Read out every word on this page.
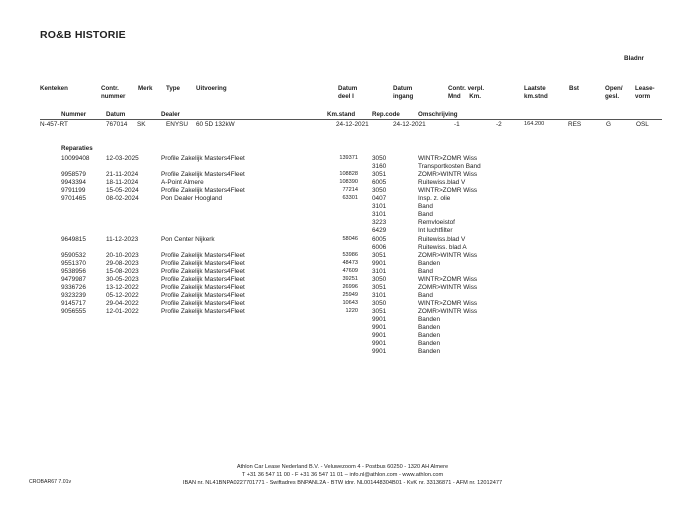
RO&B HISTORIE
Bladnr
Kenteken	Contr.
nummer
Merk Type	Uitvoering	Datum
deel I
Datum
ingang
Contr. verpl.
Mnd     Km.
Laatste
km.stnd
Bst	Open/
gesl.
Lease-
vorm
Nummer	Datum	Dealer	Km.stand	Rep.code	Omschrijving
N-457-RT	767014 SK	ENYSU 60 5D 132kW	24-12-2021	24-12-2021	-1	-2	164.200	RES	G	OSL
Reparaties
10099408	12-03-2025	Profile Zakelijk Masters4Fleet	139371 3050	WINTR>ZOMR Wiss
3160	Transportkosten Band
9958579	21-11-2024	Profile Zakelijk Masters4Fleet	108828 3051	ZOMR>WINTR Wiss
9943394	18-11-2024	A-Point Almere	108390 6005	Ruitewiss.blad V
9791199	15-05-2024	Profile Zakelijk Masters4Fleet	77214 3050	WINTR>ZOMR Wiss
9701465	08-02-2024	Pon Dealer Hoogland	63301 0407	Insp. z. olie
3101	Band
3101	Band
3223	Remvloeistof
6429	Int luchtfilter
9649815	11-12-2023	Pon Center Nijkerk	58046 6005	Ruitewiss.blad V
6006	Ruitewiss. blad A
9590532	20-10-2023	Profile Zakelijk Masters4Fleet	53986 3051	ZOMR>WINTR Wiss
9551370	29-08-2023	Profile Zakelijk Masters4Fleet	48473 9901	Banden
9538956	15-08-2023	Profile Zakelijk Masters4Fleet	47609 3101	Band
9479987	30-05-2023	Profile Zakelijk Masters4Fleet	39251 3050	WINTR>ZOMR Wiss
9336726	13-12-2022	Profile Zakelijk Masters4Fleet	26996 3051	ZOMR>WINTR Wiss
9323239	05-12-2022	Profile Zakelijk Masters4Fleet	25949 3101	Band
9145717	29-04-2022	Profile Zakelijk Masters4Fleet	10643 3050	WINTR>ZOMR Wiss
9056555	12-01-2022	Profile Zakelijk Masters4Fleet	1220 3051	ZOMR>WINTR Wiss
9901	Banden
9901	Banden
9901	Banden
9901	Banden
9901	Banden
Athlon Car Lease Nederland B.V. - Veluwezoom 4 - Postbus 60250 - 1320 AH Almere
T +31 36 547 11 00 - F +31 36 547 11 01 – info.nl@athlon.com - www.athlon.com
IBAN nr. NL41BNPA0227701771 - Swiftadres BNPANL2A - BTW idnr. NL001448304B01 - KvK nr. 33136871 - AFM nr. 12012477
CROBAR67 7.01v
